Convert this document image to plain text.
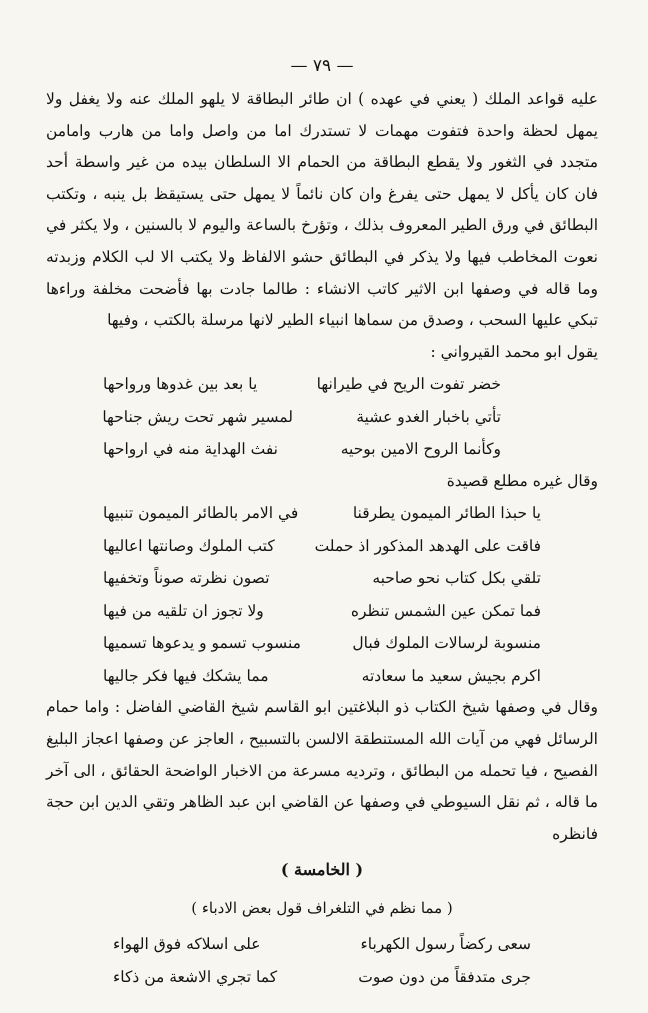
— ٧٩ —

عليه قواعد الملك ( يعني في عهده ) ان طائر البطاقة لا يلهو الملك عنه ولا يغفل ولا يمهل لحظة واحدة فتفوت مهمات لا تستدرك اما من واصل واما من هارب وامامن متجدد في الثغور ولا يقطع البطاقة من الحمام الا السلطان بيده من غير واسطة أحد فان كان يأكل لا يمهل حتى يفرغ وان كان نائماً لا يمهل حتى يستيقظ بل ينبه ، وتكتب البطائق في ورق الطير المعروف بذلك ، وتؤرخ بالساعة واليوم لا بالسنين ، ولا يكثر في نعوت المخاطب فيها ولا يذكر في البطائق حشو الالفاظ ولا يكتب الا لب الكلام وزبدته وما قاله في وصفها ابن الاثير كاتب الانشاء : طالما جادت بها فأضحت مخلفة وراءها تبكي عليها السحب ، وصدق من سماها انبياء الطير لانها مرسلة بالكتب ، وفيها

يقول ابو محمد القيرواني :
خضر تفوت الريح في طيرانها
يا بعد بين غدوها ورواحها
تأتي باخبار الغدو عشية
لمسير شهر تحت ريش جناحها
وكأنما الروح الامين بوحيه
نفث الهداية منه في ارواحها
وقال غيره مطلع قصيدة
يا حبذا الطائر الميمون يطرقنا
في الامر بالطائر الميمون تنبيها
فاقت على الهدهد المذكور اذ حملت
كتب الملوك وصانتها اعاليها
تلقي بكل كتاب نحو صاحبه
تصون نظرته صوناً وتخفيها
فما تمكن عين الشمس تنظره
ولا تجوز ان تلقيه من فيها
منسوبة لرسالات الملوك فبال
منسوب تسمو و يدعوها تسميها
اكرم بجيش سعيد ما سعادته
مما يشكك فيها فكر جاليها

وقال في وصفها شيخ الكتاب ذو البلاغتين ابو القاسم شيخ القاضي الفاضل : واما حمام الرسائل فهي من آيات الله المستنطقة الالسن بالتسبيح ، العاجز عن وصفها اعجاز البليغ الفصيح ، فيا تحمله من البطائق ، وترديه مسرعة من الاخبار الواضحة الحقائق ، الى آخر ما قاله ، ثم نقل السيوطي في وصفها عن القاضي ابن عبد الظاهر وتقي الدين ابن حجة فانظره

( الخامسة )
( مما نظم في التلغراف قول بعض الادباء )
سعى ركضاً رسول الكهرباء
على اسلاكه فوق الهواء
جرى متدفقاً من دون صوت
كما تجري الاشعة من ذكاء
